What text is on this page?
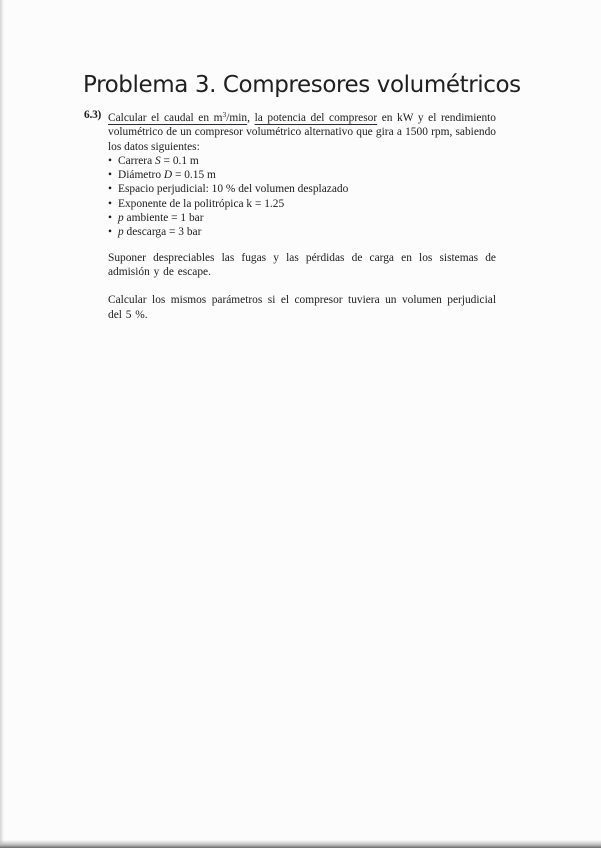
Problema 3. Compresores volumétricos
6.3) Calcular el caudal en $m^3/\min$, la potencia del compresor en kW y el rendimiento volumétrico de un compresor volumétrico alternativo que gira a 1500 rpm, sabiendo los datos siguientes:
• Carrera S = 0.1 m
• Diámetro D = 0.15 m
• Espacio perjudicial: 10 % del volumen desplazado
• Exponente de la politrópica k = 1.25
• p ambiente = 1 bar
• p descarga = 3 bar

Suponer despreciables las fugas y las pérdidas de carga en los sistemas de admisión y de escape.

Calcular los mismos parámetros si el compresor tuviera un volumen perjudicial del 5 %.
